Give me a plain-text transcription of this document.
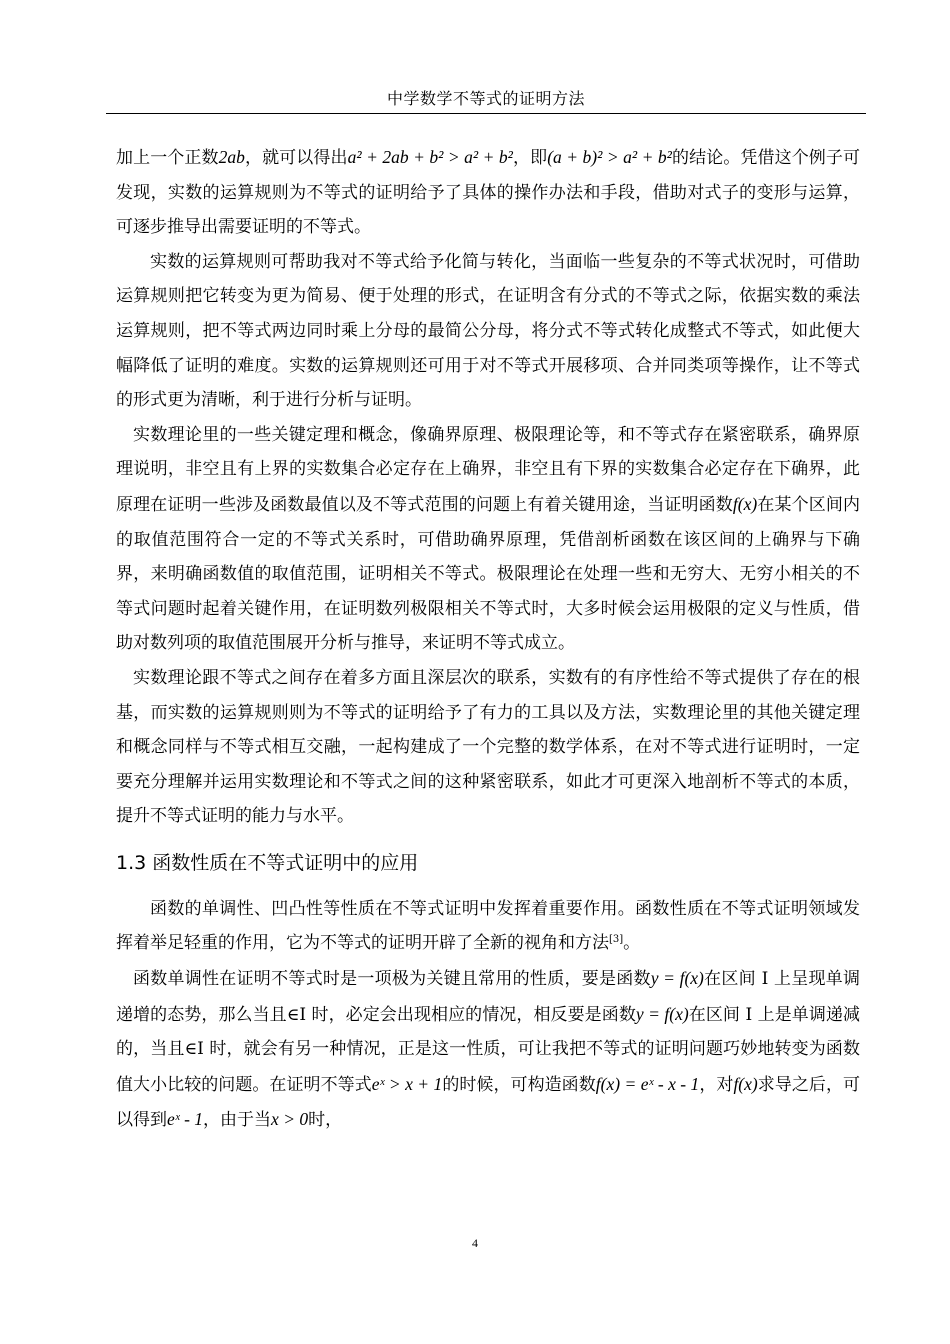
中学数学不等式的证明方法

加上一个正数2ab，就可以得出a² + 2ab + b² > a² + b²，即(a + b)² > a² + b²的结论。凭借这个例子可发现，实数的运算规则为不等式的证明给予了具体的操作办法和手段，借助对式子的变形与运算，可逐步推导出需要证明的不等式。

实数的运算规则可帮助我对不等式给予化简与转化，当面临一些复杂的不等式状况时，可借助运算规则把它转变为更为简易、便于处理的形式，在证明含有分式的不等式之际，依据实数的乘法运算规则，把不等式两边同时乘上分母的最简公分母，将分式不等式转化成整式不等式，如此便大幅降低了证明的难度。实数的运算规则还可用于对不等式开展移项、合并同类项等操作，让不等式的形式更为清晰，利于进行分析与证明。

实数理论里的一些关键定理和概念，像确界原理、极限理论等，和不等式存在紧密联系，确界原理说明，非空且有上界的实数集合必定存在上确界，非空且有下界的实数集合必定存在下确界，此原理在证明一些涉及函数最值以及不等式范围的问题上有着关键用途，当证明函数f(x)在某个区间内的取值范围符合一定的不等式关系时，可借助确界原理，凭借剖析函数在该区间的上确界与下确界，来明确函数值的取值范围，证明相关不等式。极限理论在处理一些和无穷大、无穷小相关的不等式问题时起着关键作用，在证明数列极限相关不等式时，大多时候会运用极限的定义与性质，借助对数列项的取值范围展开分析与推导，来证明不等式成立。

实数理论跟不等式之间存在着多方面且深层次的联系，实数有的有序性给不等式提供了存在的根基，而实数的运算规则则为不等式的证明给予了有力的工具以及方法，实数理论里的其他关键定理和概念同样与不等式相互交融，一起构建成了一个完整的数学体系，在对不等式进行证明时，一定要充分理解并运用实数理论和不等式之间的这种紧密联系，如此才可更深入地剖析不等式的本质，提升不等式证明的能力与水平。

1.3 函数性质在不等式证明中的应用

函数的单调性、凹凸性等性质在不等式证明中发挥着重要作用。函数性质在不等式证明领域发挥着举足轻重的作用，它为不等式的证明开辟了全新的视角和方法[3]。

函数单调性在证明不等式时是一项极为关键且常用的性质，要是函数y = f(x)在区间 I 上呈现单调递增的态势，那么当且∈I 时，必定会出现相应的情况，相反要是函数y = f(x)在区间 I 上是单调递减的，当且∈I 时，就会有另一种情况，正是这一性质，可让我把不等式的证明问题巧妙地转变为函数值大小比较的问题。在证明不等式eˣ > x + 1的时候，可构造函数f(x) = eˣ - x - 1，对f(x)求导之后，可以得到eˣ - 1，由于当x > 0时，

4
